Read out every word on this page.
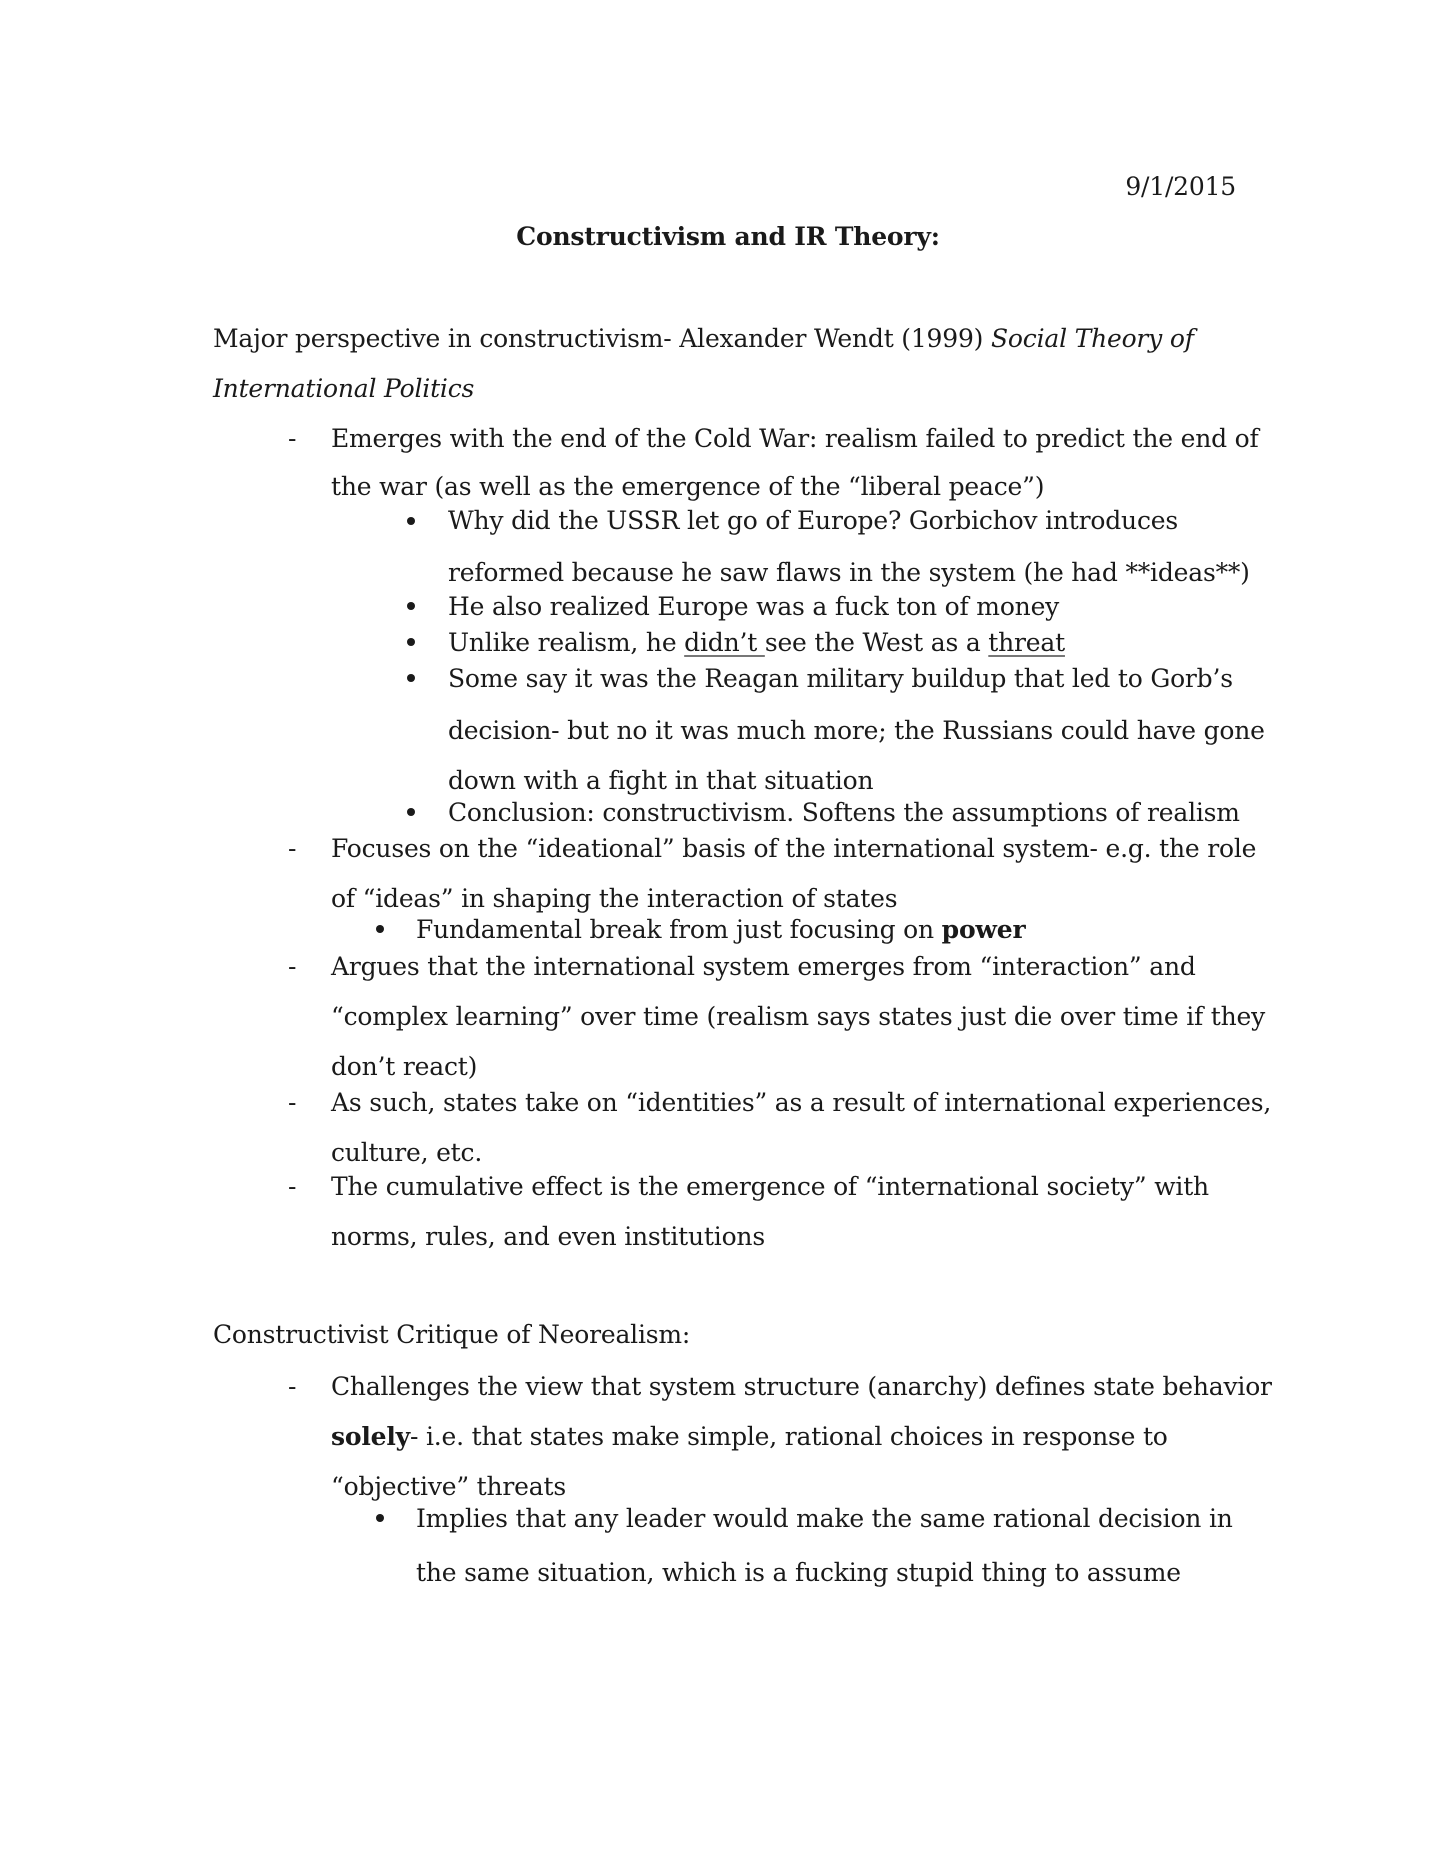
9/1/2015
Constructivism and IR Theory:
Major perspective in constructivism- Alexander Wendt (1999) Social Theory of
International Politics
- Emerges with the end of the Cold War: realism failed to predict the end of
the war (as well as the emergence of the “liberal peace”)
Why did the USSR let go of Europe? Gorbichov introduces
reformed because he saw flaws in the system (he had **ideas**)
He also realized Europe was a fuck ton of money
Unlike realism, he didn’t see the West as a threat
Some say it was the Reagan military buildup that led to Gorb’s
decision- but no it was much more; the Russians could have gone
down with a fight in that situation
Conclusion: constructivism. Softens the assumptions of realism
- Focuses on the “ideational” basis of the international system- e.g. the role
of “ideas” in shaping the interaction of states
Fundamental break from just focusing on power
- Argues that the international system emerges from “interaction” and
“complex learning” over time (realism says states just die over time if they
don’t react)
- As such, states take on “identities” as a result of international experiences,
culture, etc.
- The cumulative effect is the emergence of “international society” with
norms, rules, and even institutions
Constructivist Critique of Neorealism:
- Challenges the view that system structure (anarchy) defines state behavior
solely- i.e. that states make simple, rational choices in response to
“objective” threats
Implies that any leader would make the same rational decision in
the same situation, which is a fucking stupid thing to assume
